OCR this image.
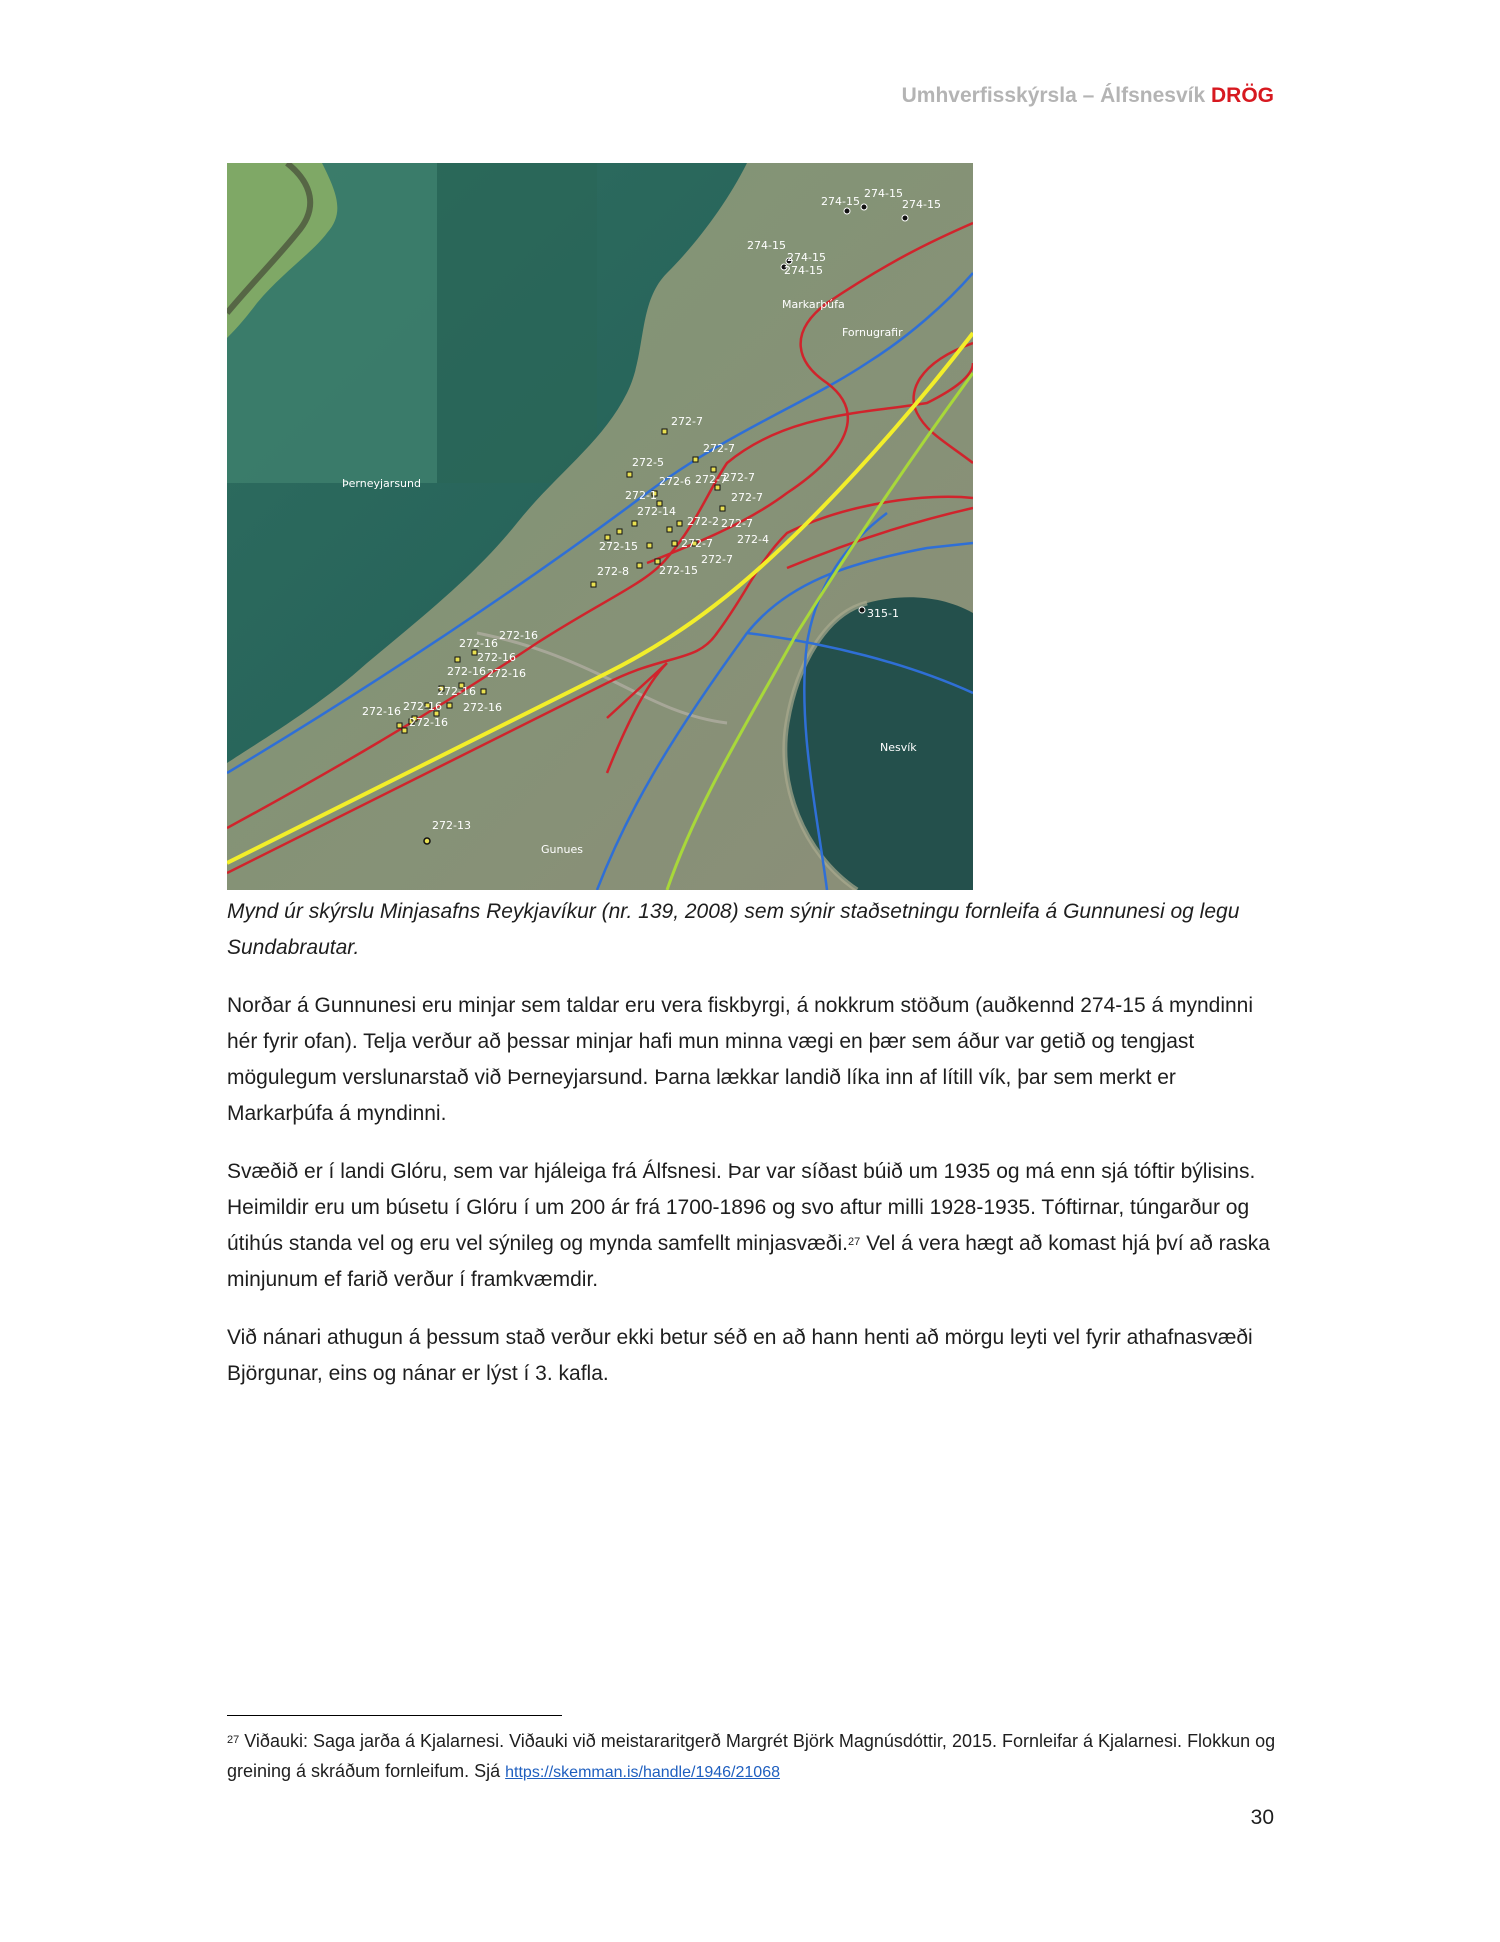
Umhverfisskýrsla – Álfsnesvík DRÖG
Þerneyjarsund
Markarþúfa
Fornugrafir
Nesvík
Gunues
274-15
274-15
274-15
274-15
274-15
274-15
272-7
272-7
272-5
272-6 272-7
272-7
272-1	272-7
272-14
272-2 272-7
272-4
272-15	272-7
272-7
272-8	272-15
315-1
272-16
272-16
272-16
272-16 272-16
272-16
272-16
272-16 272-16
272-16
272-13
Mynd úr skýrslu Minjasafns Reykjavíkur (nr. 139, 2008) sem sýnir staðsetningu fornleifa á Gunnunesi og legu Sundabrautar.
Norðar á Gunnunesi eru minjar sem taldar eru vera fiskbyrgi, á nokkrum stöðum (auðkennd 274-15 á myndinni hér fyrir ofan). Telja verður að þessar minjar hafi mun minna vægi en þær sem áður var getið og tengjast mögulegum verslunarstað við Þerneyjarsund. Þarna lækkar landið líka inn af lítill vík, þar sem merkt er Markarþúfa á myndinni.
Svæðið er í landi Glóru, sem var hjáleiga frá Álfsnesi. Þar var síðast búið um 1935 og má enn sjá tóftir býlisins. Heimildir eru um búsetu í Glóru í um 200 ár frá 1700-1896 og svo aftur milli 1928-1935. Tóftirnar, túngarður og útihús standa vel og eru vel sýnileg og mynda samfellt minjasvæði.$^{27}$ Vel á vera hægt að komast hjá því að raska minjunum ef farið verður í framkvæmdir.
Við nánari athugun á þessum stað verður ekki betur séð en að hann henti að mörgu leyti vel fyrir athafnasvæði Björgunar, eins og nánar er lýst í 3. kafla.
$^{27}$ Viðauki: Saga jarða á Kjalarnesi. Viðauki við meistararitgerð Margrét Björk Magnúsdóttir, 2015. Fornleifar á Kjalarnesi. Flokkun og greining á skráðum fornleifum. Sjá https://skemman.is/handle/1946/21068
30
